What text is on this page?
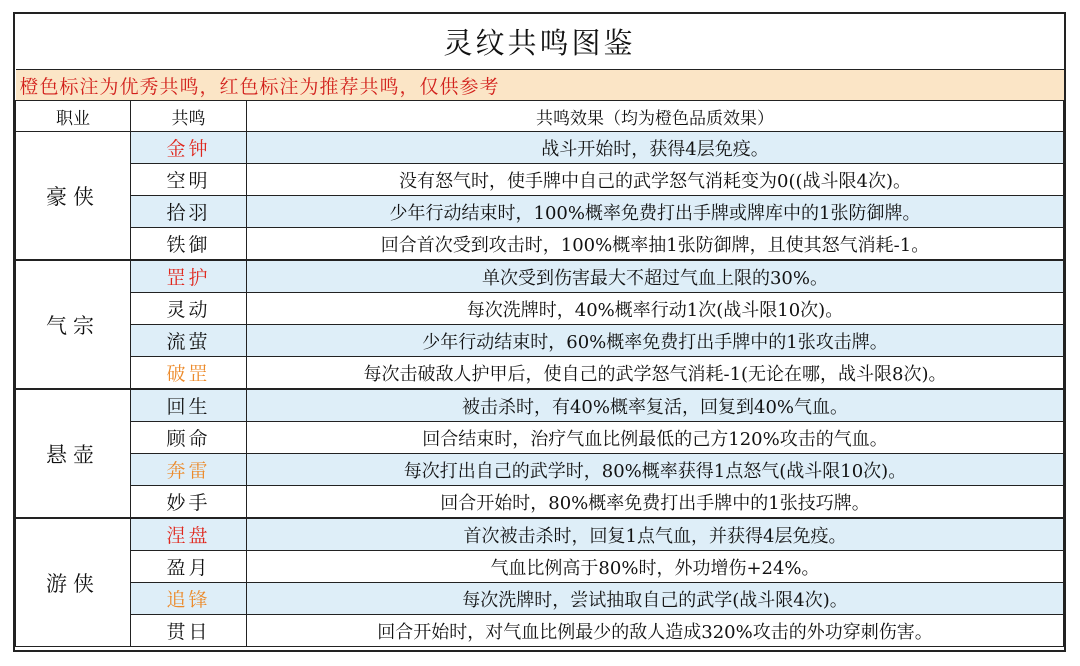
灵纹共鸣图鉴		
橙色标注为优秀共鸣，红色标注为推荐共鸣，仅供参考		
职业	共鸣	共鸣效果（均为橙色品质效果）
豪侠	金钟	战斗开始时，获得4层免疫。
	空明	没有怒气时，使手牌中自己的武学怒气消耗变为0((战斗限4次)。
	拾羽	少年行动结束时，100%概率免费打出手牌或牌库中的1张防御牌。
	铁御	回合首次受到攻击时，100%概率抽1张防御牌，且使其怒气消耗-1。
气宗	罡护	单次受到伤害最大不超过气血上限的30%。
	灵动	每次洗牌时，40%概率行动1次(战斗限10次)。
	流萤	少年行动结束时，60%概率免费打出手牌中的1张攻击牌。
	破罡	每次击破敌人护甲后，使自己的武学怒气消耗-1(无论在哪，战斗限8次)。
悬壶	回生	被击杀时，有40%概率复活，回复到40%气血。
	顾命	回合结束时，治疗气血比例最低的己方120%攻击的气血。
	奔雷	每次打出自己的武学时，80%概率获得1点怒气(战斗限10次)。
	妙手	回合开始时，80%概率免费打出手牌中的1张技巧牌。
游侠	涅盘	首次被击杀时，回复1点气血，并获得4层免疫。
	盈月	气血比例高于80%时，外功增伤+24%。
	追锋	每次洗牌时，尝试抽取自己的武学(战斗限4次)。
	贯日	回合开始时，对气血比例最少的敌人造成320%攻击的外功穿刺伤害。
